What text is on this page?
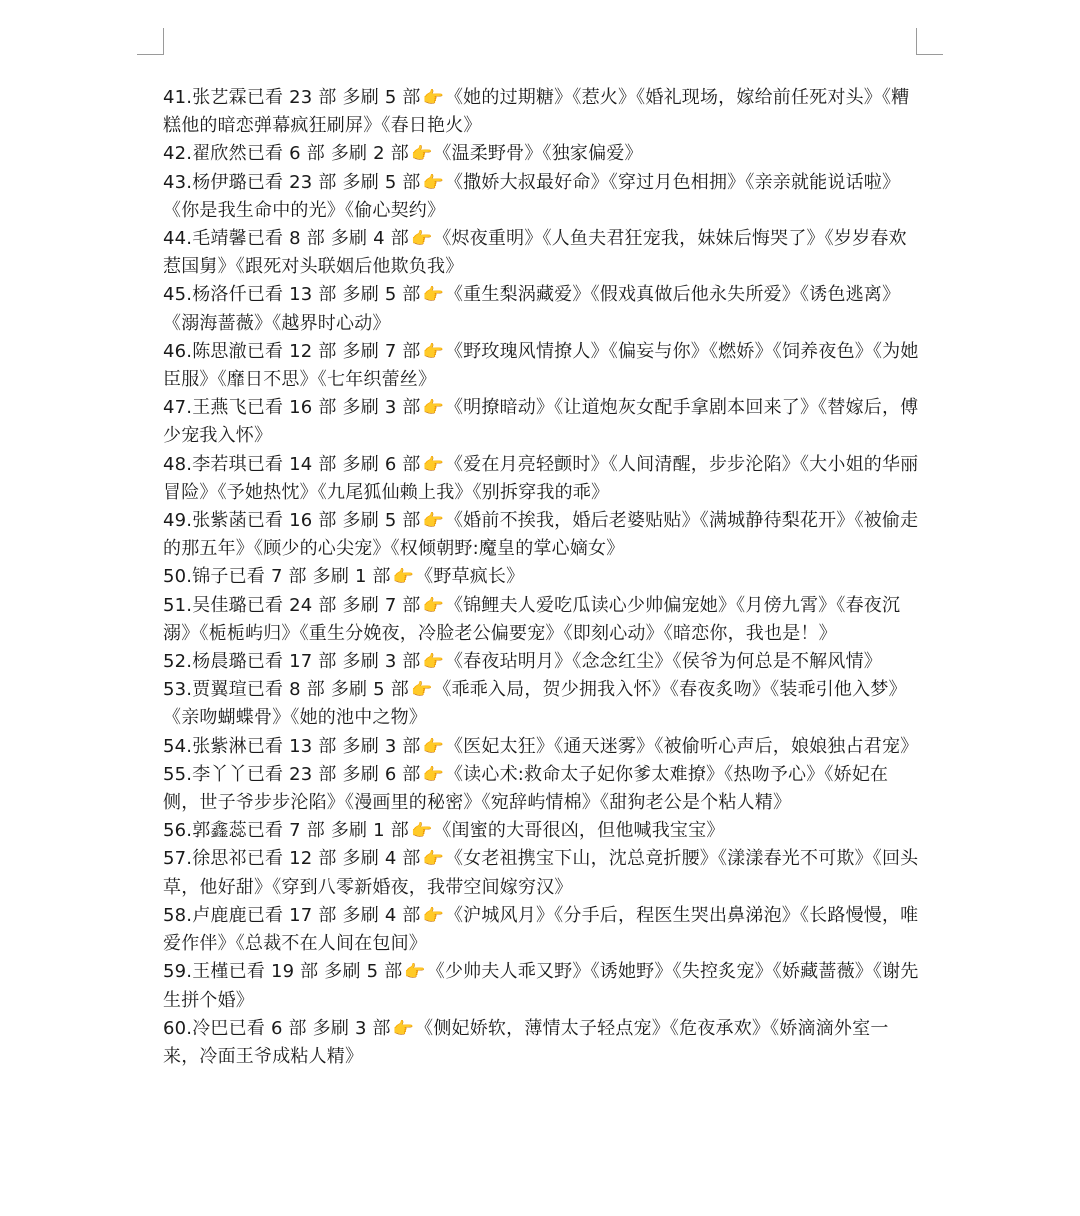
41.张艺霖已看 23 部 多刷 5 部 👉《她的过期糖》《惹火》《婚礼现场，嫁给前任死对头》《糟糕他的暗恋弹幕疯狂刷屏》《春日艳火》

42.翟欣然已看 6 部 多刷 2 部 👉《温柔野骨》《独家偏爱》

43.杨伊璐已看 23 部 多刷 5 部 👉《撒娇大叔最好命》《穿过月色相拥》《亲亲就能说话啦》《你是我生命中的光》《偷心契约》

44.毛靖馨已看 8 部 多刷 4 部 👉《烬夜重明》《人鱼夫君狂宠我，妹妹后悔哭了》《岁岁春欢惹国舅》《跟死对头联姻后他欺负我》

45.杨洛仟已看 13 部 多刷 5 部 👉《重生梨涡藏爱》《假戏真做后他永失所爱》《诱色逃离》《溺海蔷薇》《越界时心动》

46.陈思澈已看 12 部 多刷 7 部 👉《野玫瑰风情撩人》《偏妄与你》《燃娇》《饲养夜色》《为她臣服》《靡日不思》《七年织蕾丝》

47.王燕飞已看 16 部 多刷 3 部 👉《明撩暗动》《让道炮灰女配手拿剧本回来了》《替嫁后，傅少宠我入怀》

48.李若琪已看 14 部 多刷 6 部 👉《爱在月亮轻颤时》《人间清醒，步步沦陷》《大小姐的华丽冒险》《予她热忱》《九尾狐仙赖上我》《别拆穿我的乖》

49.张紫菡已看 16 部 多刷 5 部 👉《婚前不挨我，婚后老婆贴贴》《满城静待梨花开》《被偷走的那五年》《顾少的心尖宠》《权倾朝野:魔皇的掌心嫡女》

50.锦子已看 7 部 多刷 1 部 👉《野草疯长》

51.吴佳璐已看 24 部 多刷 7 部 👉《锦鲤夫人爱吃瓜读心少帅偏宠她》《月傍九霄》《春夜沉溺》《栀栀屿归》《重生分娩夜，冷脸老公偏要宠》《即刻心动》《暗恋你，我也是！》

52.杨晨璐已看 17 部 多刷 3 部 👉《春夜玷明月》《念念红尘》《侯爷为何总是不解风情》

53.贾翼瑄已看 8 部 多刷 5 部 👉《乖乖入局，贺少拥我入怀》《春夜炙吻》《装乖引他入梦》《亲吻蝴蝶骨》《她的池中之物》

54.张紫淋已看 13 部 多刷 3 部 👉《医妃太狂》《通天迷雾》《被偷听心声后，娘娘独占君宠》

55.李丫丫已看 23 部 多刷 6 部 👉《读心术:救命太子妃你爹太难撩》《热吻予心》《娇妃在侧，世子爷步步沦陷》《漫画里的秘密》《宛辞屿情棉》《甜狗老公是个粘人精》

56.郭鑫蕊已看 7 部 多刷 1 部 👉《闺蜜的大哥很凶，但他喊我宝宝》

57.徐思祁已看 12 部 多刷 4 部 👉《女老祖携宝下山，沈总竟折腰》《漾漾春光不可欺》《回头草，他好甜》《穿到八零新婚夜，我带空间嫁穷汉》

58.卢鹿鹿已看 17 部 多刷 4 部 👉《沪城风月》《分手后，程医生哭出鼻涕泡》《长路慢慢，唯爱作伴》《总裁不在人间在包间》

59.王槿已看 19 部 多刷 5 部 👉《少帅夫人乖又野》《诱她野》《失控炙宠》《娇藏蔷薇》《谢先生拼个婚》

60.冷巴已看 6 部 多刷 3 部 👉《侧妃娇软，薄情太子轻点宠》《危夜承欢》《娇滴滴外室一来，冷面王爷成粘人精》
